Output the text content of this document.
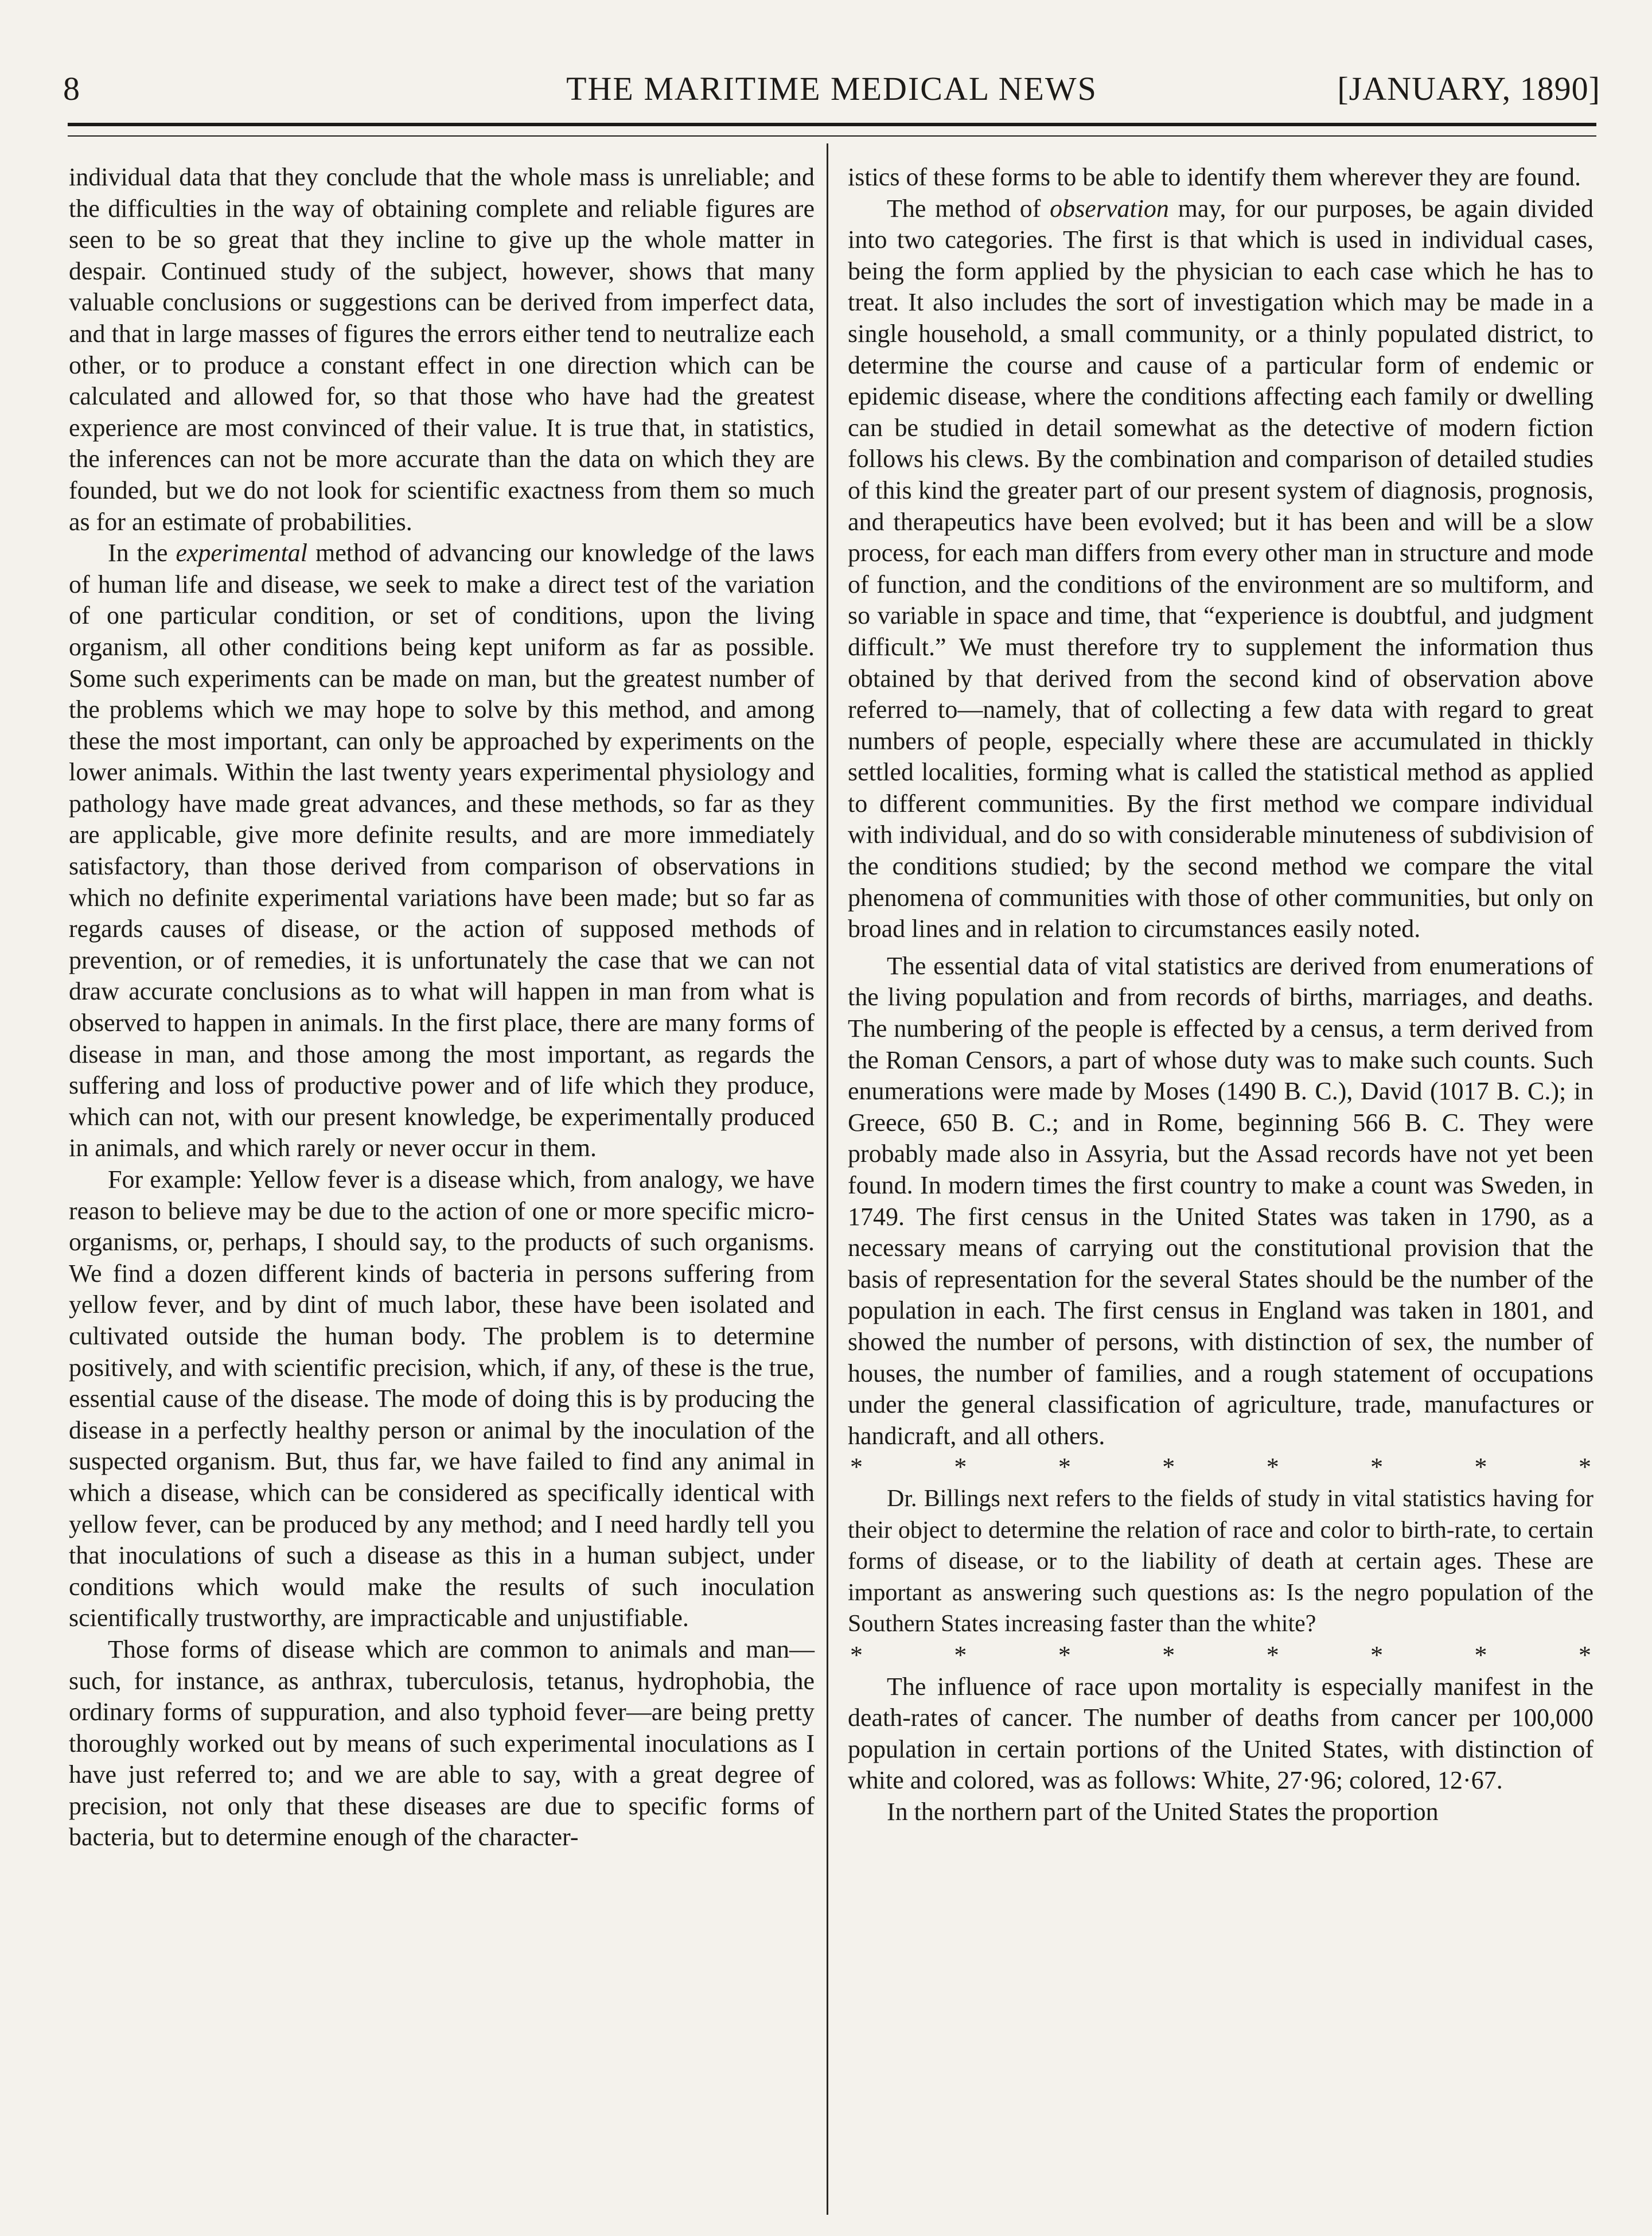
8	THE MARITIME MEDICAL NEWS	[JANUARY, 1890]

individual data that they conclude that the whole mass is unreliable; and the difficulties in the way of obtaining complete and reliable figures are seen to be so great that they incline to give up the whole matter in despair. Continued study of the subject, however, shows that many valuable conclusions or suggestions can be derived from imperfect data, and that in large masses of figures the errors either tend to neutralize each other, or to produce a constant effect in one direction which can be calculated and allowed for, so that those who have had the greatest experience are most convinced of their value. It is true that, in statistics, the inferences can not be more accurate than the data on which they are founded, but we do not look for scientific exactness from them so much as for an estimate of probabilities.

In the experimental method of advancing our knowledge of the laws of human life and disease, we seek to make a direct test of the variation of one particular condition, or set of conditions, upon the living organism, all other conditions being kept uniform as far as possible. Some such experiments can be made on man, but the greatest number of the problems which we may hope to solve by this method, and among these the most important, can only be approached by experiments on the lower animals. Within the last twenty years experimental physiology and pathology have made great advances, and these methods, so far as they are applicable, give more definite results, and are more immediately satisfactory, than those derived from comparison of observations in which no definite experimental variations have been made; but so far as regards causes of disease, or the action of supposed methods of prevention, or of remedies, it is unfortunately the case that we can not draw accurate conclusions as to what will happen in man from what is observed to happen in animals. In the first place, there are many forms of disease in man, and those among the most important, as regards the suffering and loss of productive power and of life which they produce, which can not, with our present knowledge, be experimentally produced in animals, and which rarely or never occur in them.

For example: Yellow fever is a disease which, from analogy, we have reason to believe may be due to the action of one or more specific micro-organisms, or, perhaps, I should say, to the products of such organisms. We find a dozen different kinds of bacteria in persons suffering from yellow fever, and by dint of much labor, these have been isolated and cultivated outside the human body. The problem is to determine positively, and with scientific precision, which, if any, of these is the true, essential cause of the disease. The mode of doing this is by producing the disease in a perfectly healthy person or animal by the inoculation of the suspected organism. But, thus far, we have failed to find any animal in which a disease, which can be considered as specifically identical with yellow fever, can be produced by any method; and I need hardly tell you that inoculations of such a disease as this in a human subject, under conditions which would make the results of such inoculation scientifically trustworthy, are impracticable and unjustifiable.

Those forms of disease which are common to animals and man—such, for instance, as anthrax, tuberculosis, tetanus, hydrophobia, the ordinary forms of suppuration, and also typhoid fever—are being pretty thoroughly worked out by means of such experimental inoculations as I have just referred to; and we are able to say, with a great degree of precision, not only that these diseases are due to specific forms of bacteria, but to determine enough of the character-

istics of these forms to be able to identify them wherever they are found.

The method of observation may, for our purposes, be again divided into two categories. The first is that which is used in individual cases, being the form applied by the physician to each case which he has to treat. It also includes the sort of investigation which may be made in a single household, a small community, or a thinly populated district, to determine the course and cause of a particular form of endemic or epidemic disease, where the conditions affecting each family or dwelling can be studied in detail somewhat as the detective of modern fiction follows his clews. By the combination and comparison of detailed studies of this kind the greater part of our present system of diagnosis, prognosis, and therapeutics have been evolved; but it has been and will be a slow process, for each man differs from every other man in structure and mode of function, and the conditions of the environment are so multiform, and so variable in space and time, that “experience is doubtful, and judgment difficult.” We must therefore try to supplement the information thus obtained by that derived from the second kind of observation above referred to—namely, that of collecting a few data with regard to great numbers of people, especially where these are accumulated in thickly settled localities, forming what is called the statistical method as applied to different communities. By the first method we compare individual with individual, and do so with considerable minuteness of subdivision of the conditions studied; by the second method we compare the vital phenomena of communities with those of other communities, but only on broad lines and in relation to circumstances easily noted.

The essential data of vital statistics are derived from enumerations of the living population and from records of births, marriages, and deaths. The numbering of the people is effected by a census, a term derived from the Roman Censors, a part of whose duty was to make such counts. Such enumerations were made by Moses (1490 B. C.), David (1017 B. C.); in Greece, 650 B. C.; and in Rome, beginning 566 B. C. They were probably made also in Assyria, but the Assad records have not yet been found. In modern times the first country to make a count was Sweden, in 1749. The first census in the United States was taken in 1790, as a necessary means of carrying out the constitutional provision that the basis of representation for the several States should be the number of the population in each. The first census in England was taken in 1801, and showed the number of persons, with distinction of sex, the number of houses, the number of families, and a rough statement of occupations under the general classification of agriculture, trade, manufactures or handicraft, and all others.

*	*	*	*	*	*	*	*

Dr. Billings next refers to the fields of study in vital statistics having for their object to determine the relation of race and color to birth-rate, to certain forms of disease, or to the liability of death at certain ages. These are important as answering such questions as: Is the negro population of the Southern States increasing faster than the white?

*	*	*	*	*	*	*	*

The influence of race upon mortality is especially manifest in the death-rates of cancer. The number of deaths from cancer per 100,000 population in certain portions of the United States, with distinction of white and colored, was as follows: White, 27·96; colored, 12·67.

In the northern part of the United States the proportion
